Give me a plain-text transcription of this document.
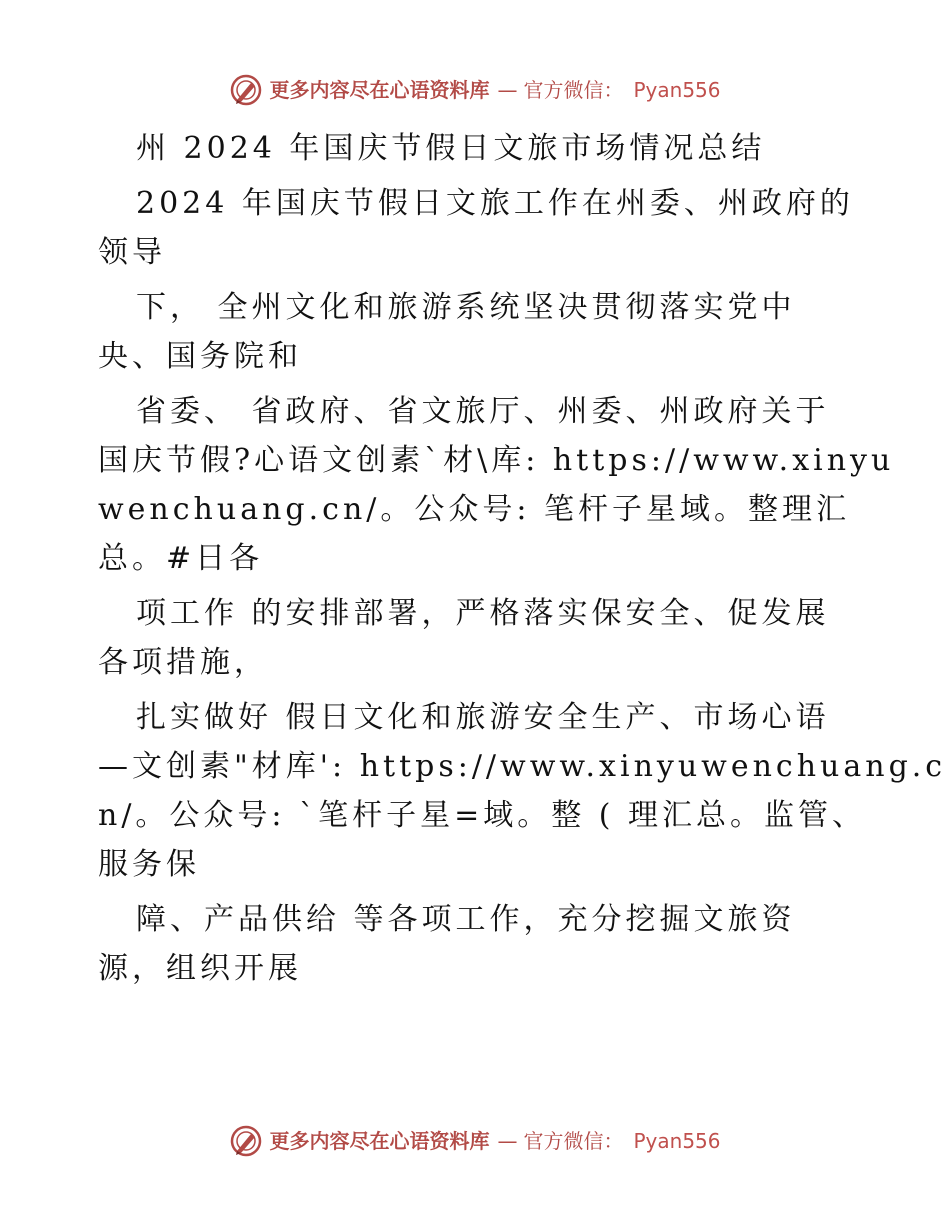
更多内容尽在心语资料库 — 官方微信： Pyan556

州 2024 年国庆节假日文旅市场情况总结

2024 年国庆节假日文旅工作在州委、州政府的

领导

下， 全州文化和旅游系统坚决贯彻落实党中

央、国务院和

省委、 省政府、省文旅厅、州委、州政府关于

国庆节假?心语文创素`材\库: https://www.xinyu

wenchuang.cn/。公众号: 笔杆子星域。整理汇

总。#日各

项工作 的安排部署，严格落实保安全、促发展

各项措施，

扎实做好 假日文化和旅游安全生产、市场心语

—文创素"材库': https://www.xinyuwenchuang.c

n/。公众号: `笔杆子星=域。整 ( 理汇总。监管、

服务保

障、产品供给 等各项工作，充分挖掘文旅资

源，组织开展

更多内容尽在心语资料库 — 官方微信： Pyan556
